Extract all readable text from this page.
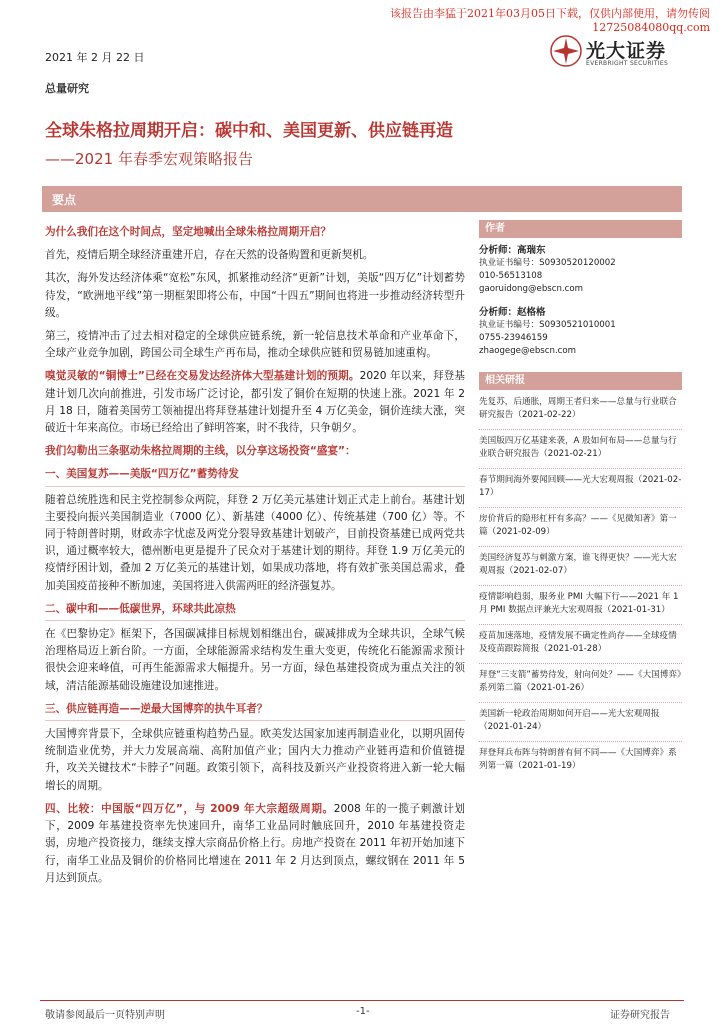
该报告由李猛于2021年03月05日下载，仅供内部使用，请勿传阅
12725084080qq.com
2021 年 2 月 22 日	光大证券
EVERBRIGHT SECURITIES
总量研究
全球朱格拉周期开启：碳中和、美国更新、供应链再造
——2021 年春季宏观策略报告
要点

为什么我们在这个时间点，坚定地喊出全球朱格拉周期开启？

首先，疫情后期全球经济重建开启，存在天然的设备购置和更新契机。

其次，海外发达经济体乘“宽松”东风，抓紧推动经济“更新”计划，美版“四万亿”计划蓄势待发，“欧洲地平线”第一期框架即将公布，中国“十四五”期间也将进一步推动经济转型升级。

第三，疫情冲击了过去相对稳定的全球供应链系统，新一轮信息技术革命和产业革命下，全球产业竞争加剧，跨国公司全球生产再布局，推动全球供应链和贸易链加速重构。

嗅觉灵敏的“铜博士”已经在交易发达经济体大型基建计划的预期。2020 年以来，拜登基建计划几次向前推进，引发市场广泛讨论，都引发了铜价在短期的快速上涨。2021 年 2 月 18 日，随着美国劳工领袖提出将拜登基建计划提升至 4 万亿美金，铜价连续大涨，突破近十年来高位。市场已经给出了鲜明答案，时不我待，只争朝夕。

我们勾勒出三条驱动朱格拉周期的主线，以分享这场投资“盛宴”：

一、美国复苏——美版“四万亿”蓄势待发

随着总统胜选和民主党控制参众两院，拜登 2 万亿美元基建计划正式走上前台。基建计划主要投向振兴美国制造业（7000 亿）、新基建（4000 亿）、传统基建（700 亿）等。不同于特朗普时期，财政赤字忧虑及两党分裂导致基建计划破产，目前投资基建已成两党共识，通过概率较大，德州断电更是提升了民众对于基建计划的期待。拜登 1.9 万亿美元的疫情纾困计划，叠加 2 万亿美元的基建计划，如果成功落地，将有效扩张美国总需求，叠加美国疫苗接种不断加速，美国将进入供需两旺的经济强复苏。

二、碳中和——低碳世界，环球共此凉热

在《巴黎协定》框架下，各国碳减排目标规划相继出台，碳减排成为全球共识，全球气候治理格局迈上新台阶。一方面，全球能源需求结构发生重大变更，传统化石能源需求预计很快会迎来峰值，可再生能源需求大幅提升。另一方面，绿色基建投资成为重点关注的领域，清洁能源基础设施建设加速推进。

三、供应链再造——逆最大国博弈的执牛耳者？

大国博弈背景下，全球供应链重构趋势凸显。欧美发达国家加速再制造业化，以期巩固传统制造业优势，并大力发展高端、高附加值产业；国内大力推动产业链再造和价值链提升，攻关关键技术“卡脖子”问题。政策引领下，高科技及新兴产业投资将进入新一轮大幅增长的周期。

四、比较：中国版“四万亿”，与 2009 年大宗超级周期。2008 年的一揽子刺激计划下，2009 年基建投资率先快速回升，南华工业品同时触底回升，2010 年基建投资走弱，房地产投资接力，继续支撑大宗商品价格上行。房地产投资在 2011 年初开始加速下行，南华工业品及铜价的价格同比增速在 2011 年 2 月达到顶点，螺纹钢在 2011 年 5 月达到顶点。

作者
分析师：高瑞东
执业证书编号：S0930520120002
010-56513108
gaoruidong@ebscn.com
分析师：赵格格
执业证书编号：S0930521010001
0755-23946159
zhaogege@ebscn.com
相关研报
先复苏，后通胀，周期王者归来——总量与行业联合研究报告（2021-02-22）
美国版四万亿基建来袭，A 股如何布局——总量与行业联合研究报告（2021-02-21）
春节期间海外要闻回顾——光大宏观周报（2021-02-17）
房价背后的隐形杠杆有多高？——《见微知著》第一篇（2021-02-09）
美国经济复苏与刺激方案，谁飞得更快？——光大宏观周报（2021-02-07）
疫情影响趋弱，服务业 PMI 大幅下行——2021 年 1 月 PMI 数据点评兼光大宏观周报（2021-01-31）
疫苗加速落地，疫情发展不确定性尚存——全球疫情及疫苗跟踪简报（2021-01-28）
拜登“三支箭”蓄势待发，射向何处？——《大国博弈》系列第二篇（2021-01-26）
美国新一轮政治周期如何开启——光大宏观周报（2021-01-24）
拜登拜兵布阵与特朗普有何不同——《大国博弈》系列第一篇（2021-01-19）
敬请参阅最后一页特别声明	-1-	证券研究报告
